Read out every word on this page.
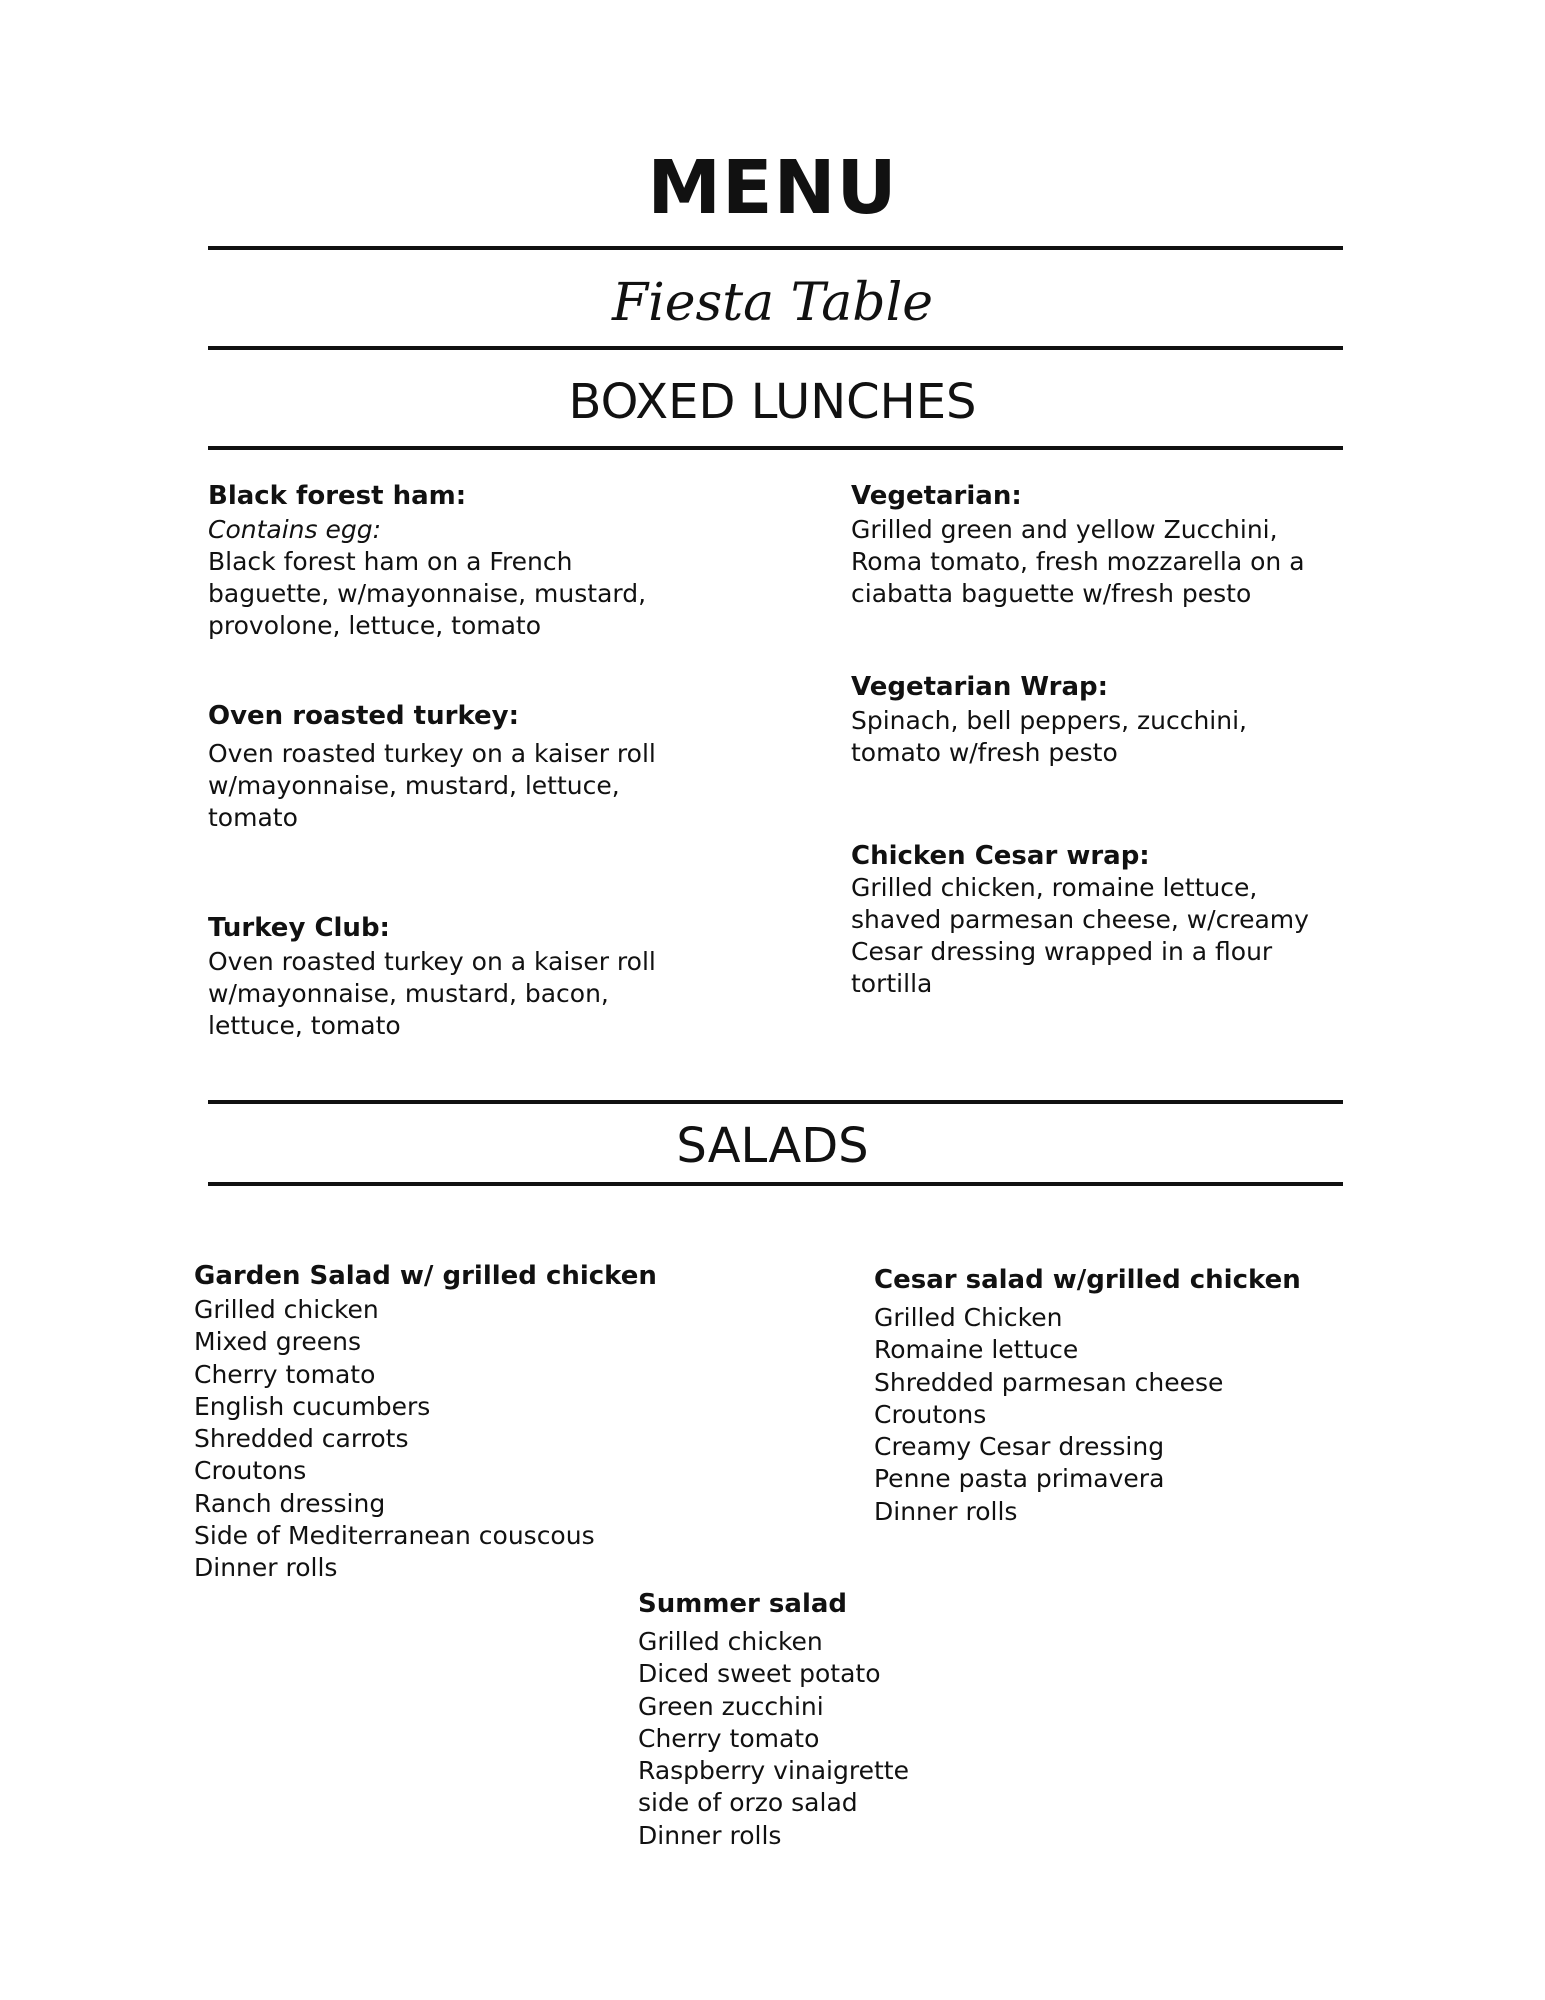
MENU
Fiesta Table
BOXED LUNCHES
Black forest ham:
Contains egg:
Black forest ham on a French
baguette, w/mayonnaise, mustard,
provolone, lettuce, tomato
Oven roasted turkey:
Oven roasted turkey on a kaiser roll
w/mayonnaise, mustard, lettuce,
tomato
Turkey Club:
Oven roasted turkey on a kaiser roll
w/mayonnaise, mustard, bacon,
lettuce, tomato
Vegetarian:
Grilled green and yellow Zucchini,
Roma tomato, fresh mozzarella on a
ciabatta baguette w/fresh pesto
Vegetarian Wrap:
Spinach, bell peppers, zucchini,
tomato w/fresh pesto
Chicken Cesar wrap:
Grilled chicken, romaine lettuce,
shaved parmesan cheese, w/creamy
Cesar dressing wrapped in a flour
tortilla
SALADS
Garden Salad w/ grilled chicken
Grilled chicken
Mixed greens
Cherry tomato
English cucumbers
Shredded carrots
Croutons
Ranch dressing
Side of Mediterranean couscous
Dinner rolls
Cesar salad w/grilled chicken
Grilled Chicken
Romaine lettuce
Shredded parmesan cheese
Croutons
Creamy Cesar dressing
Penne pasta primavera
Dinner rolls
Summer salad
Grilled chicken
Diced sweet potato
Green zucchini
Cherry tomato
Raspberry vinaigrette
side of orzo salad
Dinner rolls
